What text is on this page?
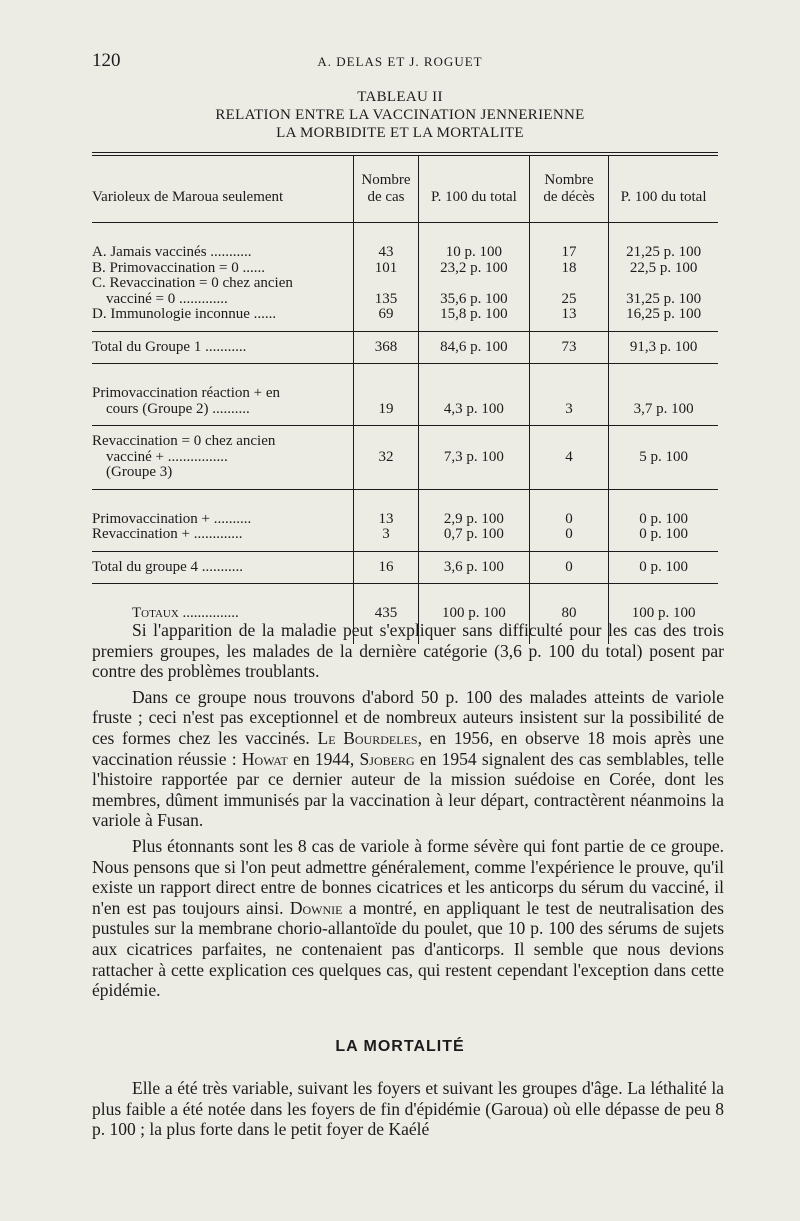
120	A. DELAS ET J. ROGUET
TABLEAU II
RELATION ENTRE LA VACCINATION JENNERIENNE
LA MORBIDITE ET LA MORTALITE
Varioleux de Maroua seulement	Nombre
de cas	P. 100 du total	Nombre
de décès	P. 100 du total

A. Jamais vaccinés ...........	43	10 p. 100	17	21,25 p. 100
B. Primovaccination = 0 ......	101	23,2 p. 100	18	22,5 p. 100
C. Revaccination = 0 chez ancien				
vacciné = 0 .............	135	35,6 p. 100	25	31,25 p. 100
D. Immunologie inconnue ......	69	15,8 p. 100	13	16,25 p. 100

Total du Groupe 1 ...........	368	84,6 p. 100	73	91,3 p. 100

Primovaccination réaction + en
cours (Groupe 2) ..........	19	4,3 p. 100	3	3,7 p. 100

Revaccination = 0 chez ancien
vacciné + ................
(Groupe 3)	32	7,3 p. 100	4	5 p. 100

Primovaccination + ..........	13	2,9 p. 100	0	0 p. 100
Revaccination + .............	3	0,7 p. 100	0	0 p. 100

Total du groupe 4 ...........	16	3,6 p. 100	0	0 p. 100

Totaux ...............	435	100 p. 100	80	100 p. 100

Si l'apparition de la maladie peut s'expliquer sans difficulté pour les cas des trois premiers groupes, les malades de la dernière catégorie (3,6 p. 100 du total) posent par contre des problèmes troublants.

Dans ce groupe nous trouvons d'abord 50 p. 100 des malades atteints de variole fruste ; ceci n'est pas exceptionnel et de nombreux auteurs insistent sur la possibilité de ces formes chez les vaccinés. Le Bourdeles, en 1956, en observe 18 mois après une vaccination réussie : Howat en 1944, Sjoberg en 1954 signalent des cas semblables, telle l'histoire rapportée par ce dernier auteur de la mission suédoise en Corée, dont les membres, dûment immunisés par la vaccination à leur départ, contractèrent néanmoins la variole à Fusan.

Plus étonnants sont les 8 cas de variole à forme sévère qui font partie de ce groupe. Nous pensons que si l'on peut admettre généralement, comme l'expérience le prouve, qu'il existe un rapport direct entre de bonnes cicatrices et les anticorps du sérum du vacciné, il n'en est pas toujours ainsi. Downie a montré, en appliquant le test de neutralisation des pustules sur la membrane chorio-allantoïde du poulet, que 10 p. 100 des sérums de sujets aux cicatrices parfaites, ne contenaient pas d'anticorps. Il semble que nous devions rattacher à cette explication ces quelques cas, qui restent cependant l'exception dans cette épidémie.

LA MORTALITÉ

Elle a été très variable, suivant les foyers et suivant les groupes d'âge. La léthalité la plus faible a été notée dans les foyers de fin d'épidémie (Garoua) où elle dépasse de peu 8 p. 100 ; la plus forte dans le petit foyer de Kaélé
